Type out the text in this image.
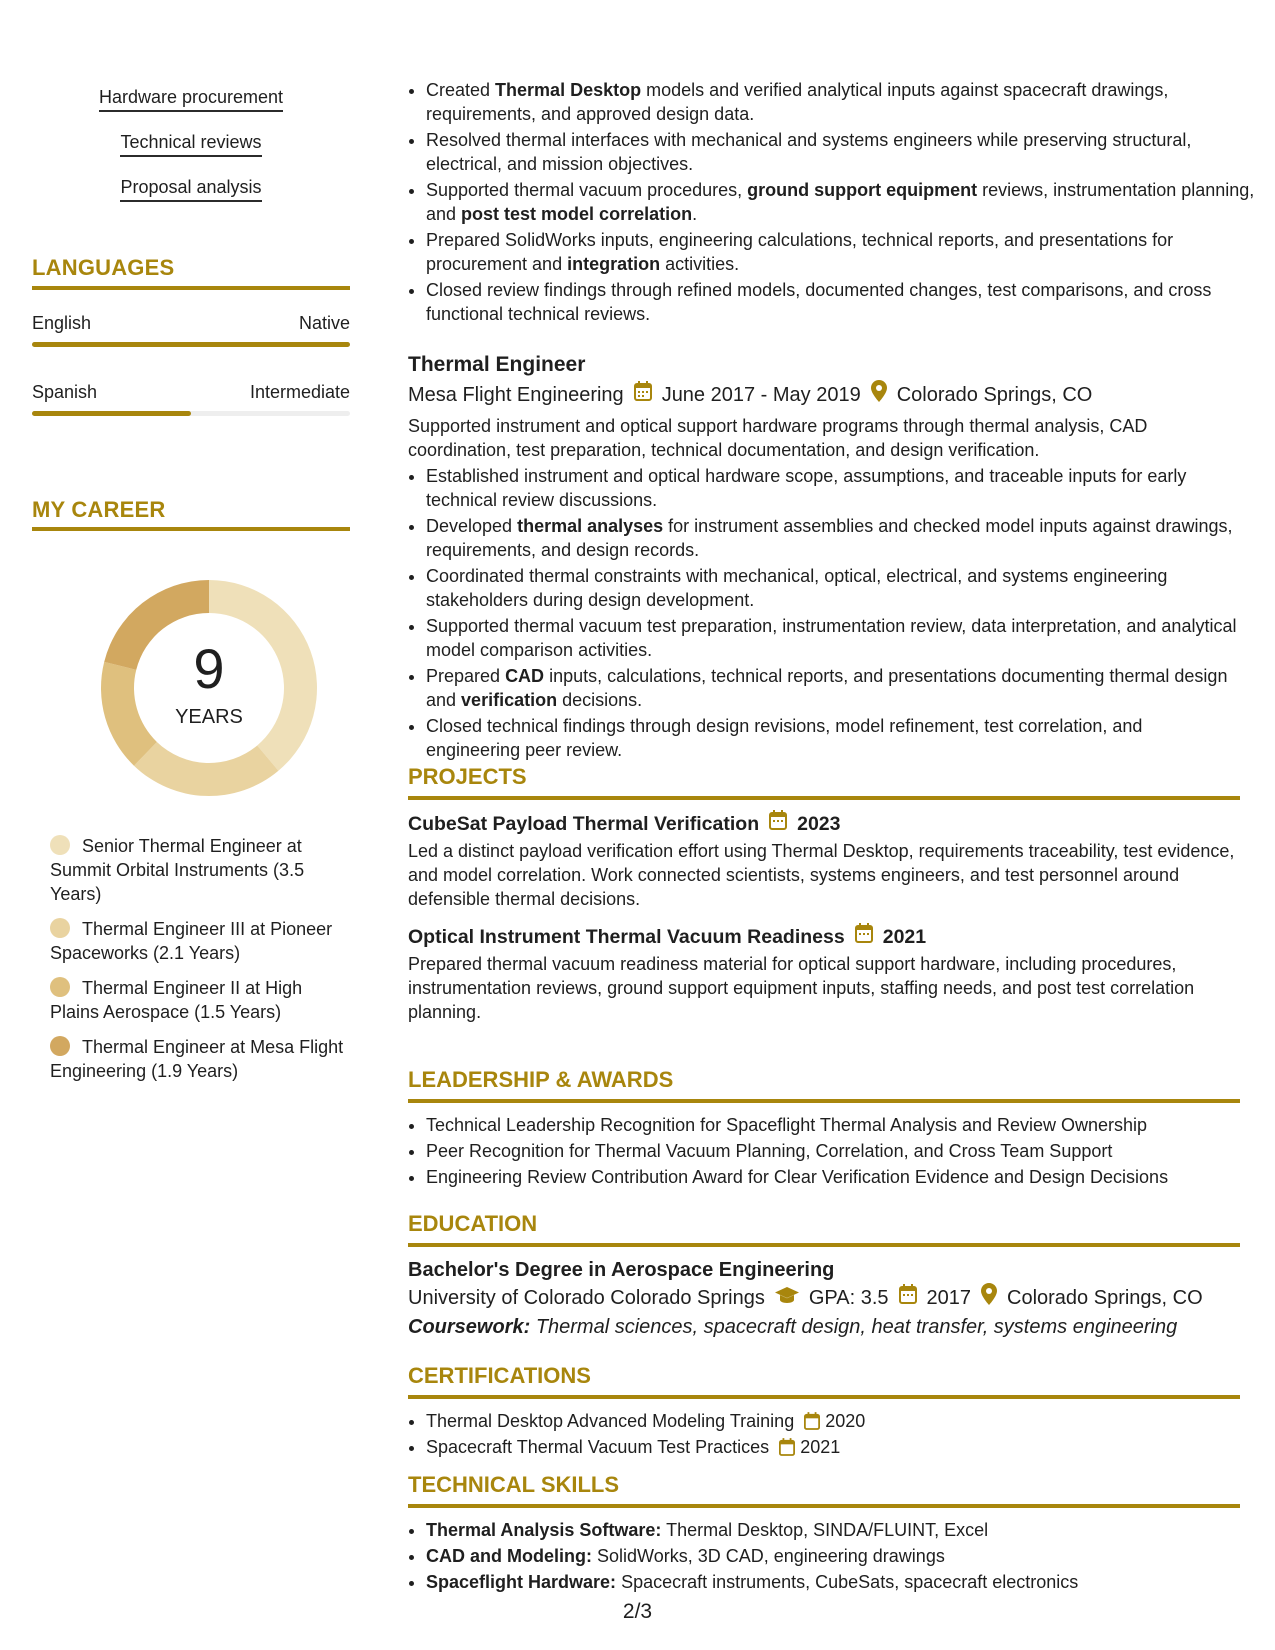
Hardware procurement
Technical reviews
Proposal analysis
LANGUAGES
English	Native
Spanish	Intermediate
MY CAREER
9
YEARS
Senior Thermal Engineer at Summit Orbital Instruments (3.5 Years)
Thermal Engineer III at Pioneer Spaceworks (2.1 Years)
Thermal Engineer II at High Plains Aerospace (1.5 Years)
Thermal Engineer at Mesa Flight Engineering (1.9 Years)
• Created Thermal Desktop models and verified analytical inputs against spacecraft drawings, requirements, and approved design data.
• Resolved thermal interfaces with mechanical and systems engineers while preserving structural, electrical, and mission objectives.
• Supported thermal vacuum procedures, ground support equipment reviews, instrumentation planning, and post test model correlation.
• Prepared SolidWorks inputs, engineering calculations, technical reports, and presentations for procurement and integration activities.
• Closed review findings through refined models, documented changes, test comparisons, and cross functional technical reviews.
Thermal Engineer
Mesa Flight Engineering June 2017 - May 2019 Colorado Springs, CO
Supported instrument and optical support hardware programs through thermal analysis, CAD coordination, test preparation, technical documentation, and design verification.
• Established instrument and optical hardware scope, assumptions, and traceable inputs for early technical review discussions.
• Developed thermal analyses for instrument assemblies and checked model inputs against drawings, requirements, and design records.
• Coordinated thermal constraints with mechanical, optical, electrical, and systems engineering stakeholders during design development.
• Supported thermal vacuum test preparation, instrumentation review, data interpretation, and analytical model comparison activities.
• Prepared CAD inputs, calculations, technical reports, and presentations documenting thermal design and verification decisions.
• Closed technical findings through design revisions, model refinement, test correlation, and engineering peer review.
PROJECTS
CubeSat Payload Thermal Verification 2023
Led a distinct payload verification effort using Thermal Desktop, requirements traceability, test evidence, and model correlation. Work connected scientists, systems engineers, and test personnel around defensible thermal decisions.
Optical Instrument Thermal Vacuum Readiness 2021
Prepared thermal vacuum readiness material for optical support hardware, including procedures, instrumentation reviews, ground support equipment inputs, staffing needs, and post test correlation planning.
LEADERSHIP & AWARDS
• Technical Leadership Recognition for Spaceflight Thermal Analysis and Review Ownership
• Peer Recognition for Thermal Vacuum Planning, Correlation, and Cross Team Support
• Engineering Review Contribution Award for Clear Verification Evidence and Design Decisions
EDUCATION
Bachelor's Degree in Aerospace Engineering
University of Colorado Colorado Springs GPA: 3.5 2017 Colorado Springs, CO
Coursework: Thermal sciences, spacecraft design, heat transfer, systems engineering
CERTIFICATIONS
• Thermal Desktop Advanced Modeling Training 2020
• Spacecraft Thermal Vacuum Test Practices 2021
TECHNICAL SKILLS
• Thermal Analysis Software: Thermal Desktop, SINDA/FLUINT, Excel
• CAD and Modeling: SolidWorks, 3D CAD, engineering drawings
• Spaceflight Hardware: Spacecraft instruments, CubeSats, spacecraft electronics
2/3
